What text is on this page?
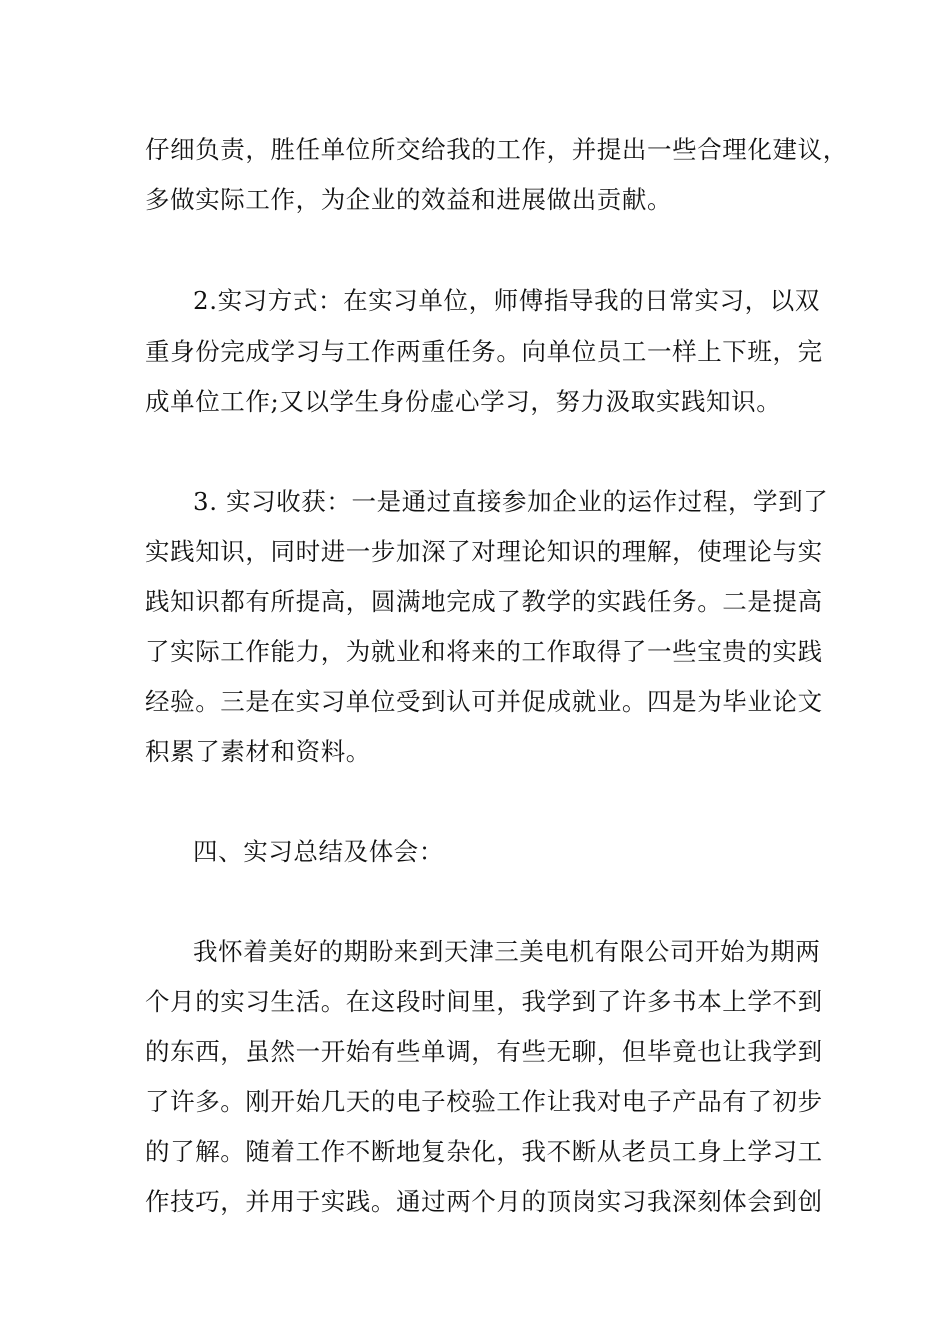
仔细负责，胜任单位所交给我的工作，并提出一些合理化建议，
多做实际工作，为企业的效益和进展做出贡献。
2.实习方式：在实习单位，师傅指导我的日常实习，以双
重身份完成学习与工作两重任务。向单位员工一样上下班，完
成单位工作;又以学生身份虚心学习，努力汲取实践知识。
3. 实习收获：一是通过直接参加企业的运作过程，学到了
实践知识，同时进一步加深了对理论知识的理解，使理论与实
践知识都有所提高，圆满地完成了教学的实践任务。二是提高
了实际工作能力，为就业和将来的工作取得了一些宝贵的实践
经验。三是在实习单位受到认可并促成就业。四是为毕业论文
积累了素材和资料。
四、实习总结及体会：
我怀着美好的期盼来到天津三美电机有限公司开始为期两
个月的实习生活。在这段时间里，我学到了许多书本上学不到
的东西，虽然一开始有些单调，有些无聊，但毕竟也让我学到
了许多。刚开始几天的电子校验工作让我对电子产品有了初步
的了解。随着工作不断地复杂化，我不断从老员工身上学习工
作技巧，并用于实践。通过两个月的顶岗实习我深刻体会到创
